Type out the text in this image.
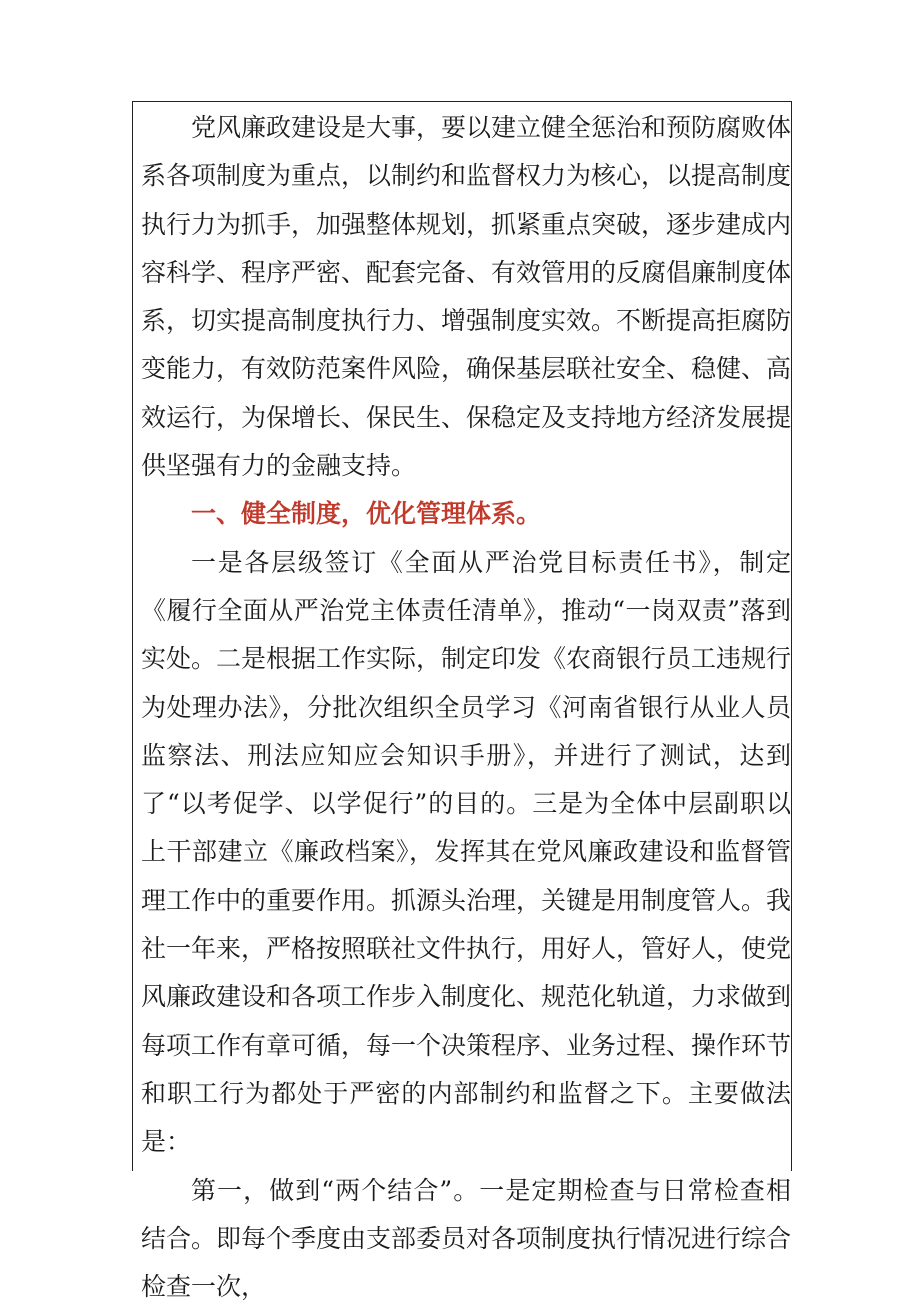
党风廉政建设是大事，要以建立健全惩治和预防腐败体系各项制度为重点，以制约和监督权力为核心，以提高制度执行力为抓手，加强整体规划，抓紧重点突破，逐步建成内容科学、程序严密、配套完备、有效管用的反腐倡廉制度体系，切实提高制度执行力、增强制度实效。不断提高拒腐防变能力，有效防范案件风险，确保基层联社安全、稳健、高效运行，为保增长、保民生、保稳定及支持地方经济发展提供坚强有力的金融支持。

一、健全制度，优化管理体系。

一是各层级签订《全面从严治党目标责任书》，制定《履行全面从严治党主体责任清单》，推动“一岗双责”落到实处。二是根据工作实际，制定印发《农商银行员工违规行为处理办法》，分批次组织全员学习《河南省银行从业人员监察法、刑法应知应会知识手册》，并进行了测试，达到了“以考促学、以学促行”的目的。三是为全体中层副职以上干部建立《廉政档案》，发挥其在党风廉政建设和监督管理工作中的重要作用。抓源头治理，关键是用制度管人。我社一年来，严格按照联社文件执行，用好人，管好人，使党风廉政建设和各项工作步入制度化、规范化轨道，力求做到每项工作有章可循，每一个决策程序、业务过程、操作环节和职工行为都处于严密的内部制约和监督之下。主要做法是：

第一，做到“两个结合”。一是定期检查与日常检查相结合。即每个季度由支部委员对各项制度执行情况进行综合检查一次，
